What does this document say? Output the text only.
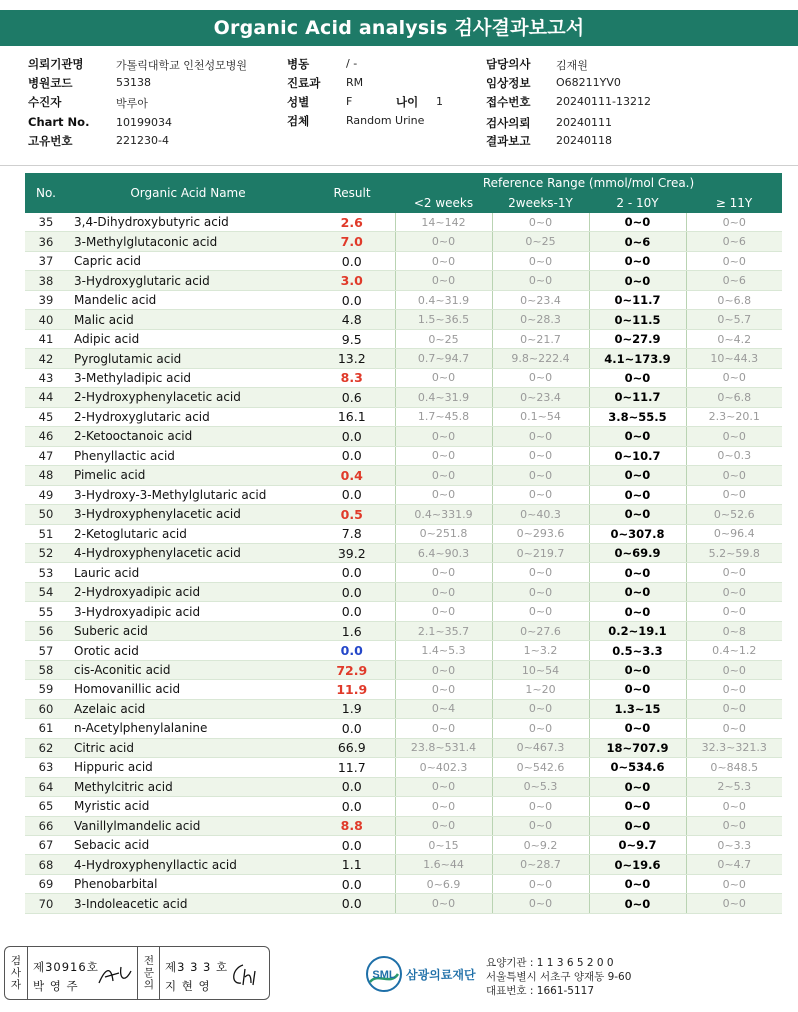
Organic Acid analysis 검사결과보고서
의뢰기관명	가톨릭대학교 인천성모병원
병원코드	53138
수진자	박루아
Chart No. 10199034
고유번호	221230-4
병동	/ -
진료과 RM
성별	F	나이 1
검체	Random Urine
담당의사 김재원
임상정보 O68211YV0
접수번호 20240111-13212
검사의뢰 20240111
결과보고 20240118
No.	Organic Acid Name	Result	Reference Range (mmol/mol Crea.)			
			<2 weeks	2weeks-1Y	2 - 10Y	≥ 11Y
35	3,4-Dihydroxybutyric acid	2.6	14~142	0~0	0~0	0~0
36	3-Methylglutaconic acid	7.0	0~0	0~25	0~6	0~6
37	Capric acid	0.0	0~0	0~0	0~0	0~0
38	3-Hydroxyglutaric acid	3.0	0~0	0~0	0~0	0~6
39	Mandelic acid	0.0	0.4~31.9	0~23.4	0~11.7	0~6.8
40	Malic acid	4.8	1.5~36.5	0~28.3	0~11.5	0~5.7
41	Adipic acid	9.5	0~25	0~21.7	0~27.9	0~4.2
42	Pyroglutamic acid	13.2	0.7~94.7	9.8~222.4	4.1~173.9	10~44.3
43	3-Methyladipic acid	8.3	0~0	0~0	0~0	0~0
44	2-Hydroxyphenylacetic acid	0.6	0.4~31.9	0~23.4	0~11.7	0~6.8
45	2-Hydroxyglutaric acid	16.1	1.7~45.8	0.1~54	3.8~55.5	2.3~20.1
46	2-Ketooctanoic acid	0.0	0~0	0~0	0~0	0~0
47	Phenyllactic acid	0.0	0~0	0~0	0~10.7	0~0.3
48	Pimelic acid	0.4	0~0	0~0	0~0	0~0
49	3-Hydroxy-3-Methylglutaric acid	0.0	0~0	0~0	0~0	0~0
50	3-Hydroxyphenylacetic acid	0.5	0.4~331.9	0~40.3	0~0	0~52.6
51	2-Ketoglutaric acid	7.8	0~251.8	0~293.6	0~307.8	0~96.4
52	4-Hydroxyphenylacetic acid	39.2	6.4~90.3	0~219.7	0~69.9	5.2~59.8
53	Lauric acid	0.0	0~0	0~0	0~0	0~0
54	2-Hydroxyadipic acid	0.0	0~0	0~0	0~0	0~0
55	3-Hydroxyadipic acid	0.0	0~0	0~0	0~0	0~0
56	Suberic acid	1.6	2.1~35.7	0~27.6	0.2~19.1	0~8
57	Orotic acid	0.0	1.4~5.3	1~3.2	0.5~3.3	0.4~1.2
58	cis-Aconitic acid	72.9	0~0	10~54	0~0	0~0
59	Homovanillic acid	11.9	0~0	1~20	0~0	0~0
60	Azelaic acid	1.9	0~4	0~0	1.3~15	0~0
61	n-Acetylphenylalanine	0.0	0~0	0~0	0~0	0~0
62	Citric acid	66.9	23.8~531.4	0~467.3	18~707.9	32.3~321.3
63	Hippuric acid	11.7	0~402.3	0~542.6	0~534.6	0~848.5
64	Methylcitric acid	0.0	0~0	0~5.3	0~0	2~5.3
65	Myristic acid	0.0	0~0	0~0	0~0	0~0
66	Vanillylmandelic acid	8.8	0~0	0~0	0~0	0~0
67	Sebacic acid	0.0	0~15	0~9.2	0~9.7	0~3.3
68	4-Hydroxyphenyllactic acid	1.1	1.6~44	0~28.7	0~19.6	0~4.7
69	Phenobarbital	0.0	0~6.9	0~0	0~0	0~0
70	3-Indoleacetic acid	0.0	0~0	0~0	0~0	0~0
검사자
제30916호
박 영 주
전문의
제3 3 3 호
지 현 영
SML 삼광의료재단
요양기관 : 1 1 3 6 5 2 0 0
서울특별시 서초구 양재동 9-60
대표번호 : 1661-5117
